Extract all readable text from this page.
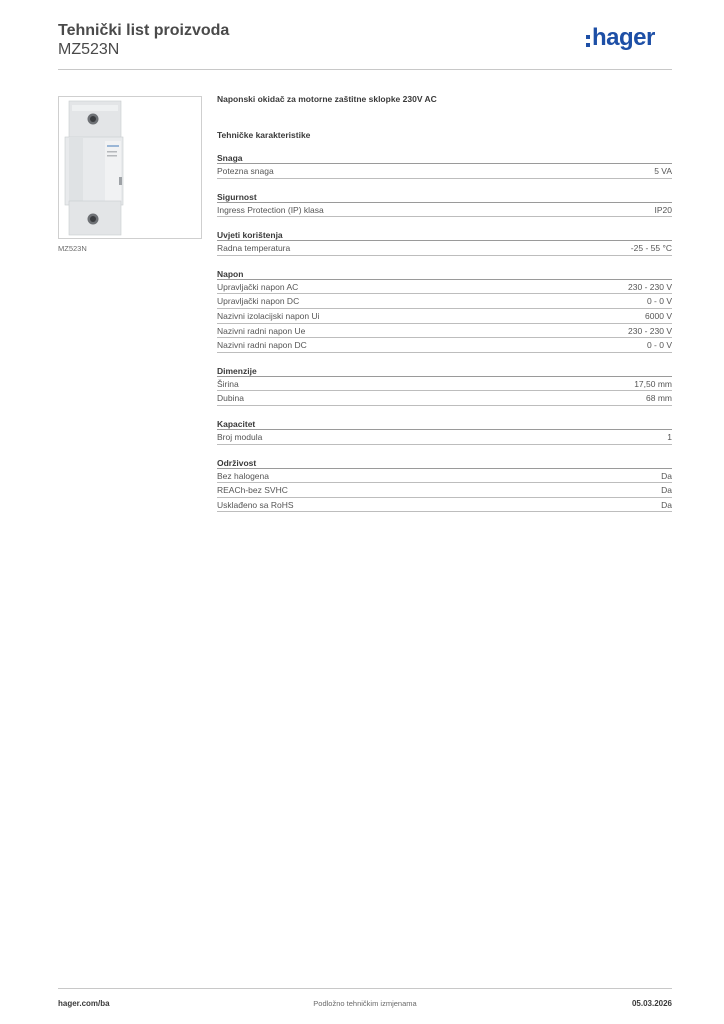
Tehnički list proizvoda
MZ523N	hager
MZ523N
Naponski okidač za motorne zaštitne sklopke 230V AC
Tehničke karakteristike
Snaga
Potezna snaga	5 VA
Sigurnost
Ingress Protection (IP) klasa	IP20
Uvjeti korištenja
Radna temperatura	-25 - 55 °C
Napon
Upravljački napon AC	230 - 230 V
Upravljački napon DC	0 - 0 V
Nazivni izolacijski napon Ui	6000 V
Nazivni radni napon Ue	230 - 230 V
Nazivni radni napon DC	0 - 0 V
Dimenzije
Širina	17,50 mm
Dubina	68 mm
Kapacitet
Broj modula	1
Održivost
Bez halogena	Da
REACh-bez SVHC	Da
Usklađeno sa RoHS	Da
Podložno tehničkim izmjenama
hager.com/ba	05.03.2026
